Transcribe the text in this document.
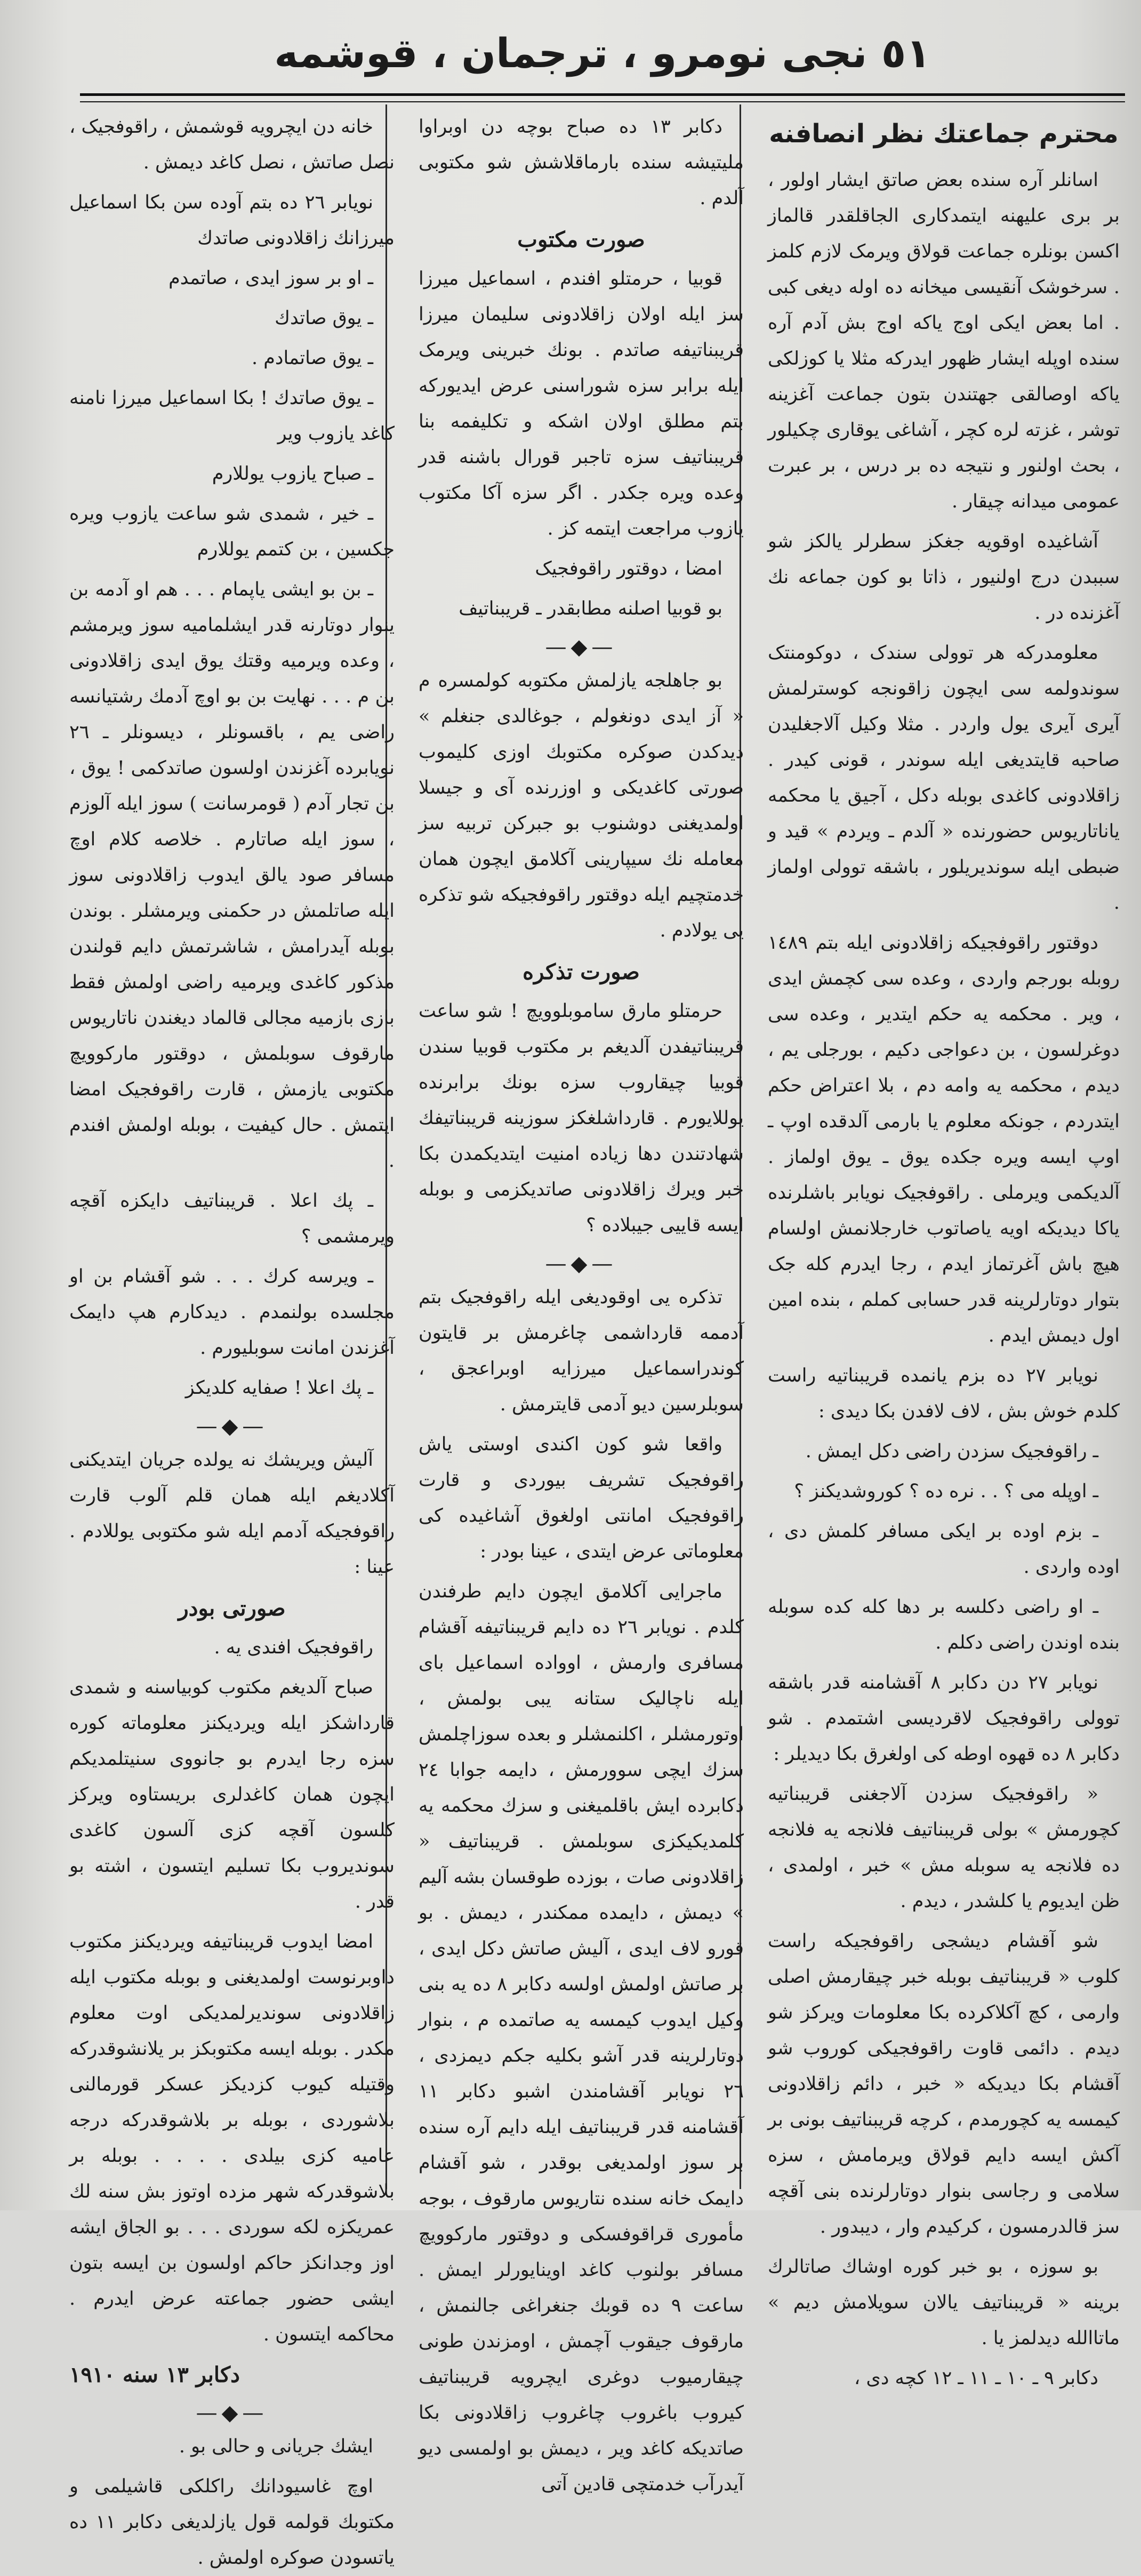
٥١ نجی نومرو ، ترجمان ، قوشمه
محترم جماعتك نظر انصافنه

اسانلر آره سنده بعض صاتق ایشار اولور ، بر بری علیهنه ایتمدکاری الجاقلقدر قالماز اکسن بونلره جماعت قولاق ویرمک لازم کلمز . سرخوشک آنقیسی میخانه ده اوله دیغی کبی . اما بعض ایکی اوج یاکه اوج بش آدم آره سنده اوپله ایشار ظهور ایدرکه مثلا یا کوزلکی یاکه اوصالقی جهتندن بتون جماعت آغزینه توشر ، غزته لره کچر ، آشاغی یوقاری چکیلور ، بحث اولنور و نتیجه ده بر درس ، بر عبرت عمومی میدانه چیقار .

آشاغیده اوقویه جغکز سطرلر یالکز شو سببدن درج اولنیور ، ذاتا بو کون جماعه نك آغزنده در .

معلومدرکه هر توولی سندک ، دوکومنتک سوندولمه سی ایچون زاقونجه کوسترلمش آیری آیری یول واردر . مثلا وکیل آلاجغلیدن صاحبه قایتدیغی ایله سوندر ، قونی کیدر . زاقلادونی کاغدی بوبله دکل ، آجیق یا محکمه یاناتاریوس حضورنده « آلدم ـ ویردم » قید و ضبطی ایله سوندیریلور ، باشقه توولی اولماز .

دوقتور راقوفجیکه زاقلادونی ایله بتم ١٤٨٩ روبله بورجم واردی ، وعده سی کچمش ایدی ، ویر . محکمه یه حکم ایتدیر ، وعده سی دوغرلسون ، بن دعواجی دکیم ، بورجلی یم ، دیدم ، محکمه یه وامه دم ، بلا اعتراض حکم ایتدردم ، جونکه معلوم یا بارمی آلدقده اوپ ـ اوپ ایسه ویره جکده یوق ـ یوق اولماز . آلدیکمی ویرملی . راقوفجیک نویابر باشلرنده یاکا دیدیکه اویه یاصاتوب خارجلانمش اولسام هیچ باش آغرتماز ایدم ، رجا ایدرم کله جک بتوار دوتارلرینه قدر حسابی کملم ، بنده امین اول دیمش ایدم .

نویابر ٢٧ ده بزم یانمده قریبناتیه راست کلدم خوش بش ، لاف لافدن بکا دیدی :

ـ راقوفجیک سزدن راضی دکل ایمش .

ـ اوپله می ؟ . . نره ده ؟ کوروشدیکنز ؟

ـ بزم اوده بر ایکی مسافر کلمش دی ، اوده واردی .

ـ او راضی دکلسه بر دها کله کده سوبله بنده اوندن راضی دکلم .

نویابر ٢٧ دن دکابر ٨ آقشامنه قدر باشقه توولی راقوفجیک لاقردیسی اشتمدم . شو دکابر ٨ ده قهوه اوطه کی اولغرق بکا دیدیلر :

« راقوفجیک سزدن آلاجغنی قریبناتیه کچورمش » بولی قریبناتیف فلانجه یه فلانجه ده فلانجه یه سوبله مش » خبر ، اولمدی ، ظن ایدیوم یا کلشدر ، دیدم .

شو آقشام دیشجی راقوفجیکه راست کلوب « قریبناتیف بوبله خبر چیقارمش اصلی وارمی ، کچ آکلاکرده بکا معلومات ویرکز شو دیدم . دائمی قاوت راقوفجیکی کوروب شو آقشام بکا دیدیکه « خبر ، دائم زاقلادونی کیمسه یه کچورمدم ، کرچه قریبناتیف بونی بر آکش ایسه دایم قولاق ویرمامش ، سزه سلامی و رجاسی بنوار دوتارلرنده بنی آقچه سز قالدرمسون ، کرکیدم وار ، دیبدور .

بو سوزه ، بو خبر کوره اوشاك صاتالرك برینه « قریبناتیف یالان سویلامش دیم » ماتاالله دیدلمز یا .

دکابر ٩ ـ ١٠ ـ ١١ ـ ١٢ کچه دی ،

دکابر ١٣ ده صباح بوچه دن اوبراوا ملیتیشه سنده بارماقلاشش شو مکتوبی آلدم .

صورت مکتوب

قوبیا ، حرمتلو افندم ، اسماعیل میرزا سز ایله اولان زاقلادونی سلیمان میرزا قریبناتیفه صاتدم . بونك خبرینی ویرمک ایله برابر سزه شوراسنی عرض ایدیورکه بتم مطلق اولان اشکه و تکلیفمه بنا قریبناتیف سزه تاجبر قورال باشنه قدر وعده ویره جکدر . اگر سزه آکا مکتوب یازوب مراجعت ایتمه کز .

امضا ، دوقتور راقوفجیک

بو قوبیا اصلنه مطابقدر ـ قریبناتیف

—◆—

بو جاهلجه یازلمش مکتوبه کولمسره م « آز ایدی دونغولم ، جوغالدی جنغلم » دیدکدن صوکره مکتوبك اوزی کلیموب صورتی کاغدیکی و اوزرنده آی و جیسلا اولمدیغنی دوشنوب بو جبرکن تربیه سز معامله نك سیپارینی آکلامق ایچون همان خدمتچیم ایله دوقتور راقوفجیکه شو تذکره یی یولادم .

صورت تذکره

حرمتلو مارق ساموبلوویچ ! شو ساعت قریبناتیفدن آلدیغم بر مکتوب قوبیا سندن قوبیا چیقاروب سزه بونك برابرنده یوللایورم . قارداشلغکز سوزینه قریبناتیفك شهادتندن دها زیاده امنیت ایتدیکمدن بکا خبر ویرك زاقلادونی صاتدیکزمی و بوبله ایسه قاییی جیبلاده ؟

—◆—

تذکره یی اوقودیغی ایله راقوفجیک بتم آدممه قارداشمی چاغرمش بر قایتون کوندراسماعیل میرزایه اوبراعجق ، سوبلرسین دیو آدمی قایترمش .

واقعا شو کون اکندی اوستی یاش راقوفجیک تشریف بیوردی و قارت راقوفجیک امانتی اولغوق آشاغیده کی معلوماتی عرض ایتدی ، عینا بودر :

ماجرایی آکلامق ایچون دایم طرفندن کلدم . نویابر ٢٦ ده دایم قریبناتیفه آقشام مسافری وارمش ، اوواده اسماعیل بای ایله ناچالیک ستانه یبی بولمش ، اوتورمشلر ، اکلنمشلر و بعده سوزاچلمش سزك ایچی سوورمش ، دایمه جوابا ٢٤ دکابرده ایش باقلمیغنی و سزك محکمه یه کلمدیکیکزی سوبلمش . قریبناتیف « زاقلادونی صات ، بوزده طوقسان بشه آلیم » دیمش ، دایمده ممکندر ، دیمش . بو قورو لاف ایدی ، آلیش صاتش دکل ایدی ، بر صاتش اولمش اولسه دکابر ٨ ده یه بنی وکیل ایدوب کیمسه یه صاتمده م ، بنوار دوتارلرینه قدر آشو بکلیه جکم دیمزدی ، ٢٦ نویابر آقشامندن اشبو دکابر ١١ آقشامنه قدر قریبناتیف ایله دایم آره سنده بر سوز اولمدیغی بوقدر ، شو آقشام دایمک خانه سنده نتاریوس مارقوف ، بوجه مأموری قراقوفسکی و دوقتور مارکوویچ مسافر بولنوب کاغد اوینایورلر ایمش . ساعت ٩ ده قوبك جنغراغی جالنمش ، مارقوف جیقوب آچمش ، اومزندن طونی چیقارمیوب دوغری ایچرویه قریبناتیف کیروب باغروب چاغروب زاقلادونی بکا صاتدیکه کاغد ویر ، دیمش بو اولمسی دیو آیدرآب خدمتچی قادین آتی

خانه دن ایچرویه قوشمش ، راقوفجیک ، نصل صاتش ، نصل کاغد دیمش .

نویابر ٢٦ ده بتم آوده سن بکا اسماعیل میرزانك زاقلادونی صاتدك

ـ او بر سوز ایدی ، صاتمدم

ـ یوق صاتدك

ـ یوق صاتمادم .

ـ یوق صاتدك ! بکا اسماعیل میرزا نامنه کاغد یازوب ویر

ـ صباح یازوب یوللارم

ـ خیر ، شمدی شو ساعت یازوب ویره جکسین ، بن کتمم یوللارم

ـ بن بو ایشی یاپمام . . . هم او آدمه بن ینوار دوتارنه قدر ایشلمامیه سوز ویرمشم ، وعده ویرمیه وقتك یوق ایدی زاقلادونی بن م . . . نهایت بن بو اوچ آدمك رشتیانسه راضی یم ، باقسونلر ، دیسونلر ـ ٢٦ نویابرده آغزندن اولسون صاتدکمی ! یوق ، بن تجار آدم ( قومرسانت ) سوز ایله آلوزم ، سوز ایله صاتارم . خلاصه کلام اوچ مسافر صود یالق ایدوب زاقلادونی سوز ایله صاتلمش در حکمنی ویرمشلر . بوندن بوبله آیدرامش ، شاشرتمش دایم قولندن مذکور کاغدی ویرمیه راضی اولمش فقط بازی بازمیه مجالی قالماد دیغندن ناتاریوس مارقوف سوبلمش ، دوقتور مارکوویچ مکتوبی یازمش ، قارت راقوفجیک امضا ایتمش . حال کیفیت ، بوبله اولمش افندم .

ـ پك اعلا . قریبناتیف دایکزه آقچه ویرمشمی ؟

ـ ویرسه کرك . . . شو آقشام بن او مجلسده بولنمدم . دیدکارم هپ دایمک آغزندن امانت سوبلیورم .

ـ پك اعلا ! صفایه کلدیکز

—◆—

آلیش ویریشك نه یولده جریان ایتدیکنی آکلادیغم ایله همان قلم آلوب قارت راقوفجیکه آدمم ایله شو مکتوبی یوللادم . عینا :

صورتی بودر

راقوفجیک افندی یه .

صباح آلدیغم مکتوب کوبیاسنه و شمدی قارداشکز ایله ویردیکنز معلوماته کوره سزه رجا ایدرم بو جانووی سنیتلمدیکم ایچون همان کاغدلری بریستاوه ویرکز کلسون آقچه کزی آلسون کاغدی سوندیروب بکا تسلیم ایتسون ، اشته بو قدر .

امضا ایدوب قریبناتیفه ویردیکنز مکتوب داوبرنوست اولمدیغنی و بوبله مکتوب ایله زاقلادونی سوندیرلمدیکی اوت معلوم مکدر . بوبله ایسه مکتوبکز بر یلانشوقدرکه وقتیله کیوب کزدیکز عسکر قورمالنی بلاشوردی ، بوبله بر بلاشوقدرکه درجه عامیه کزی بیلدی . . . . بوبله بر بلاشوقدرکه شهر مزده اوتوز بش سنه لك عمریکزه لکه سوردی . . . بو الجاق ایشه اوز وجدانکز حاکم اولسون بن ایسه بتون ایشی حضور جماعته عرض ایدرم . محاکمه ایتسون .

دکابر ١٣ سنه ١٩١٠

—◆—

ایشك جریانی و حالی بو .

اوچ غاسیودانك راکلکی قاشیلمی و مکتوبك قولمه قول یازلدیغی دکابر ١١ ده یاتسودن صوکره اولمش .
